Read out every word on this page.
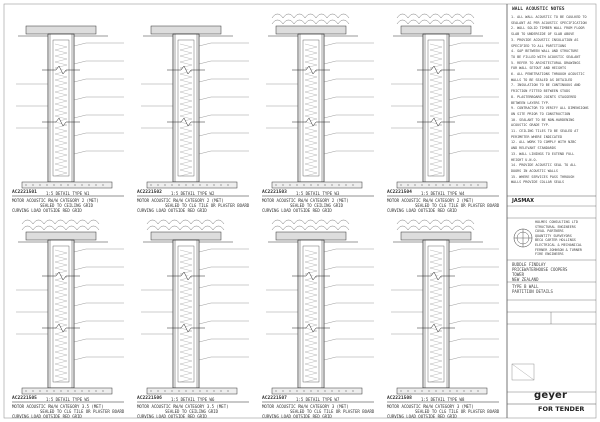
WALL ACOUSTIC NOTES
1. ALL WALL ACOUSTIC TO BE CAULKED TO
SEALANT AS PER ACOUSTIC SPECIFICATION
2. WALL SOLID TIMBER WALL FROM FLOOR
SLAB TO UNDERSIDE OF SLAB ABOVE
3. PROVIDE ACOUSTIC INSULATION AS
SPECIFIED TO ALL PARTITIONS
4. GAP BETWEEN WALL AND STRUCTURE
TO BE FILLED WITH ACOUSTIC SEALANT
5. REFER TO ARCHITECTURAL DRAWINGS
FOR WALL SETOUT AND HEIGHTS
6. ALL PENETRATIONS THROUGH ACOUSTIC
WALLS TO BE SEALED AS DETAILED
7. INSULATION TO BE CONTINUOUS AND
FRICTION FITTED BETWEEN STUDS
8. PLASTERBOARD JOINTS STAGGERED
BETWEEN LAYERS TYP.
9. CONTRACTOR TO VERIFY ALL DIMENSIONS
ON SITE PRIOR TO CONSTRUCTION
10. SEALANT TO BE NON-HARDENING
ACOUSTIC GRADE TYP.
11. CEILING TILES TO BE SEALED AT
PERIMETER WHERE INDICATED
12. ALL WORK TO COMPLY WITH NZBC
AND RELEVANT STANDARDS
13. WALL LININGS TO EXTEND FULL
HEIGHT U.N.O.
14. PROVIDE ACOUSTIC SEAL TO ALL
DOORS IN ACOUSTIC WALLS
15. WHERE SERVICES PASS THROUGH
WALLS PROVIDE COLLAR SEALS
JASMAX
HOLMES CONSULTING LTD
STRUCTURAL ENGINEERS
COVAL PARTNERS
QUANTITY SURVEYORS
BECA CARTER HOLLINGS
ELECTRICAL & MECHANICAL
FERNER JOHNSON & TURNER
FIRE ENGINEERS
BUDDLE FINDLAY
PRICEWATERHOUSE COOPERS
TOWER
NEW ZEALAND
TYPE B WALL
PARTITION DETAILS
geyer
FOR TENDER
AC2221501 1:5 DETAIL TYPE W1
MOTOR ACOUSTIC RW/W CATEGORY 2 (MET)
SEALED TO CEILING GRID
CURVING LOAD OUTSIDE RED GRID
AC2221502 1:5 DETAIL TYPE W2
MOTOR ACOUSTIC RW/W CATEGORY 2 (MET)
SEALED TO CLG TILE OR PLASTER BOARD
CURVING LOAD OUTSIDE RED GRID
AC2221503 1:5 DETAIL TYPE W3
MOTOR ACOUSTIC RW/W CATEGORY 2 (MET)
SEALED TO CEILING GRID
CURVING LOAD OUTSIDE RED GRID
AC2221504 1:5 DETAIL TYPE W4
MOTOR ACOUSTIC RW/W CATEGORY 2 (MET)
SEALED TO CLG TILE OR PLASTER BOARD
CURVING LOAD OUTSIDE RED GRID
AC2221505 1:5 DETAIL TYPE W5
MOTOR ACOUSTIC RW/W CATEGORY 3.5 (MET)
SEALED TO CLG TILE OR PLASTER BOARD
CURVING LOAD OUTSIDE RED GRID
AC2221506 1:5 DETAIL TYPE W6
MOTOR ACOUSTIC RW/W CATEGORY 3.5 (MET)
SEALED TO CEILING GRID
CURVING LOAD OUTSIDE RED GRID
AC2221507 1:5 DETAIL TYPE W7
MOTOR ACOUSTIC RW/W CATEGORY 3 (MET)
SEALED TO CLG TILE OR PLASTER BOARD
CURVING LOAD OUTSIDE RED GRID
AC2221508 1:5 DETAIL TYPE W8
MOTOR ACOUSTIC RW/W CATEGORY 3 (MET)
SEALED TO CLG TILE OR PLASTER BOARD
CURVING LOAD OUTSIDE RED GRID
